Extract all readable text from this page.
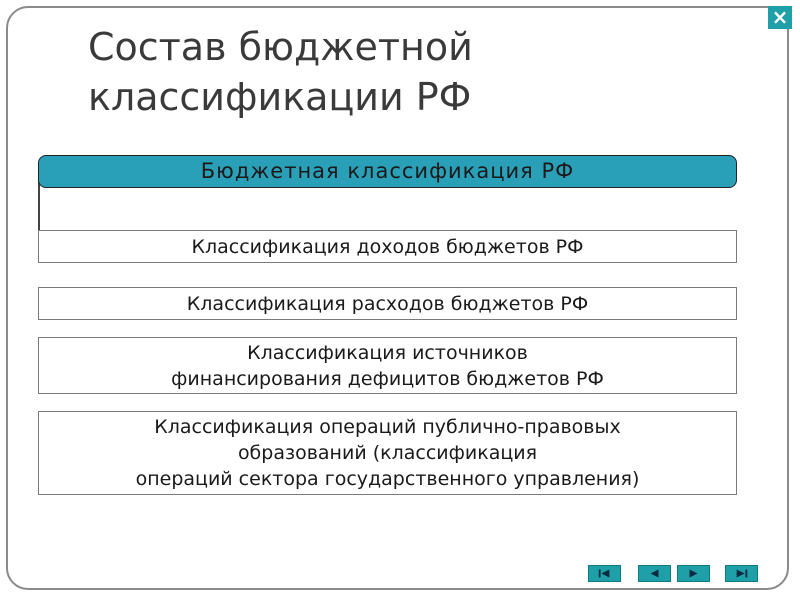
×
Состав бюджетной классификации РФ
Бюджетная классификация РФ
Классификация доходов бюджетов РФ
Классификация расходов бюджетов РФ
Классификация источников
финансирования дефицитов бюджетов РФ
Классификация операций публично-правовых
образований (классификация
операций сектора государственного управления)
